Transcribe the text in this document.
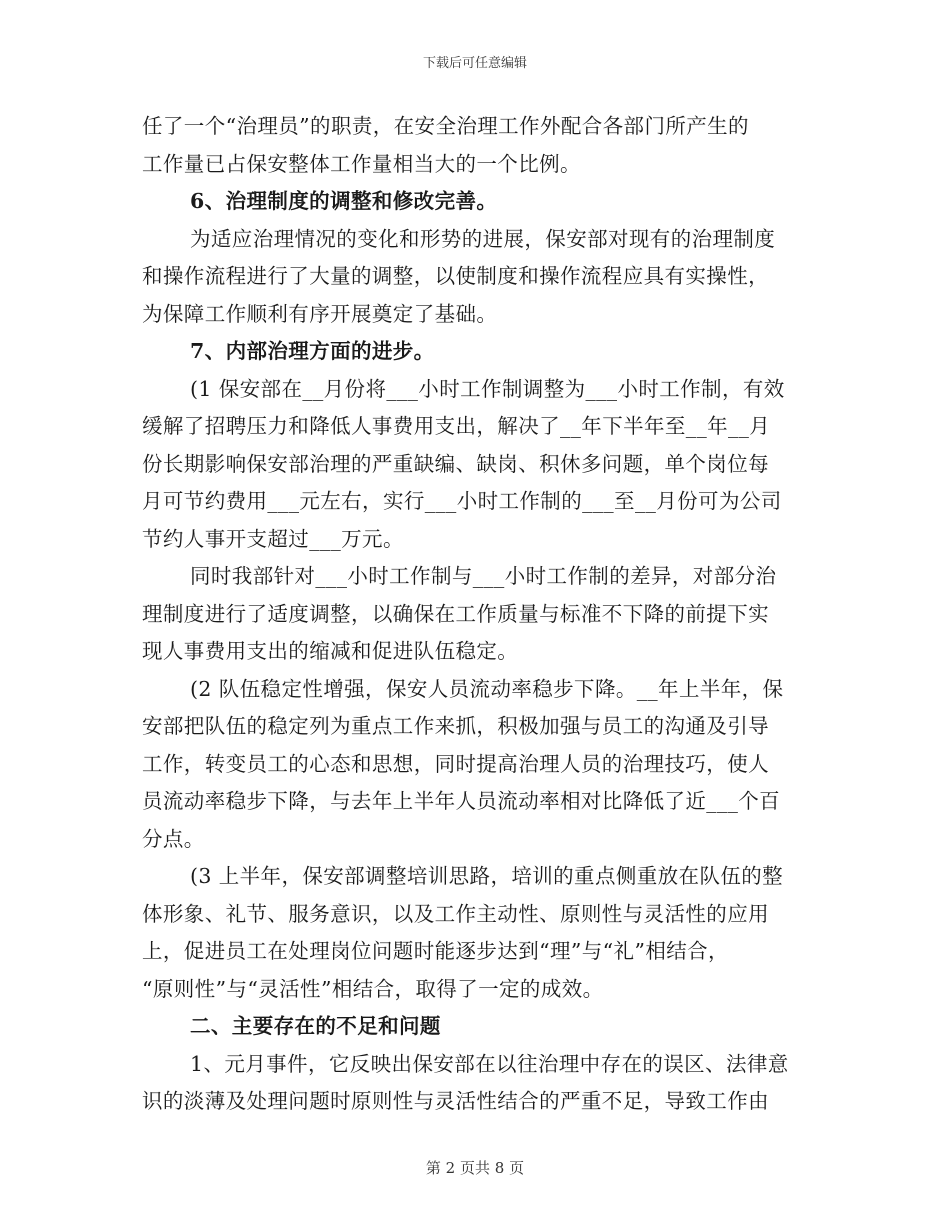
下载后可任意编辑
任了一个“治理员”的职责，在安全治理工作外配合各部门所产生的
工作量已占保安整体工作量相当大的一个比例。
6、治理制度的调整和修改完善。
为适应治理情况的变化和形势的进展，保安部对现有的治理制度
和操作流程进行了大量的调整，以使制度和操作流程应具有实操性，
为保障工作顺利有序开展奠定了基础。
7、内部治理方面的进步。
(1 保安部在__月份将___小时工作制调整为___小时工作制，有效
缓解了招聘压力和降低人事费用支出，解决了__年下半年至__年__月
份长期影响保安部治理的严重缺编、缺岗、积休多问题，单个岗位每
月可节约费用___元左右，实行___小时工作制的___至__月份可为公司
节约人事开支超过___万元。
同时我部针对___小时工作制与___小时工作制的差异，对部分治
理制度进行了适度调整，以确保在工作质量与标准不下降的前提下实
现人事费用支出的缩减和促进队伍稳定。
(2 队伍稳定性增强，保安人员流动率稳步下降。__年上半年，保
安部把队伍的稳定列为重点工作来抓，积极加强与员工的沟通及引导
工作，转变员工的心态和思想，同时提高治理人员的治理技巧，使人
员流动率稳步下降，与去年上半年人员流动率相对比降低了近___个百
分点。
(3 上半年，保安部调整培训思路，培训的重点侧重放在队伍的整
体形象、礼节、服务意识，以及工作主动性、原则性与灵活性的应用
上，促进员工在处理岗位问题时能逐步达到“理”与“礼”相结合，
“原则性”与“灵活性”相结合，取得了一定的成效。
二、主要存在的不足和问题
1、元月事件，它反映出保安部在以往治理中存在的误区、法律意
识的淡薄及处理问题时原则性与灵活性结合的严重不足，导致工作由
第 2 页共 8 页
